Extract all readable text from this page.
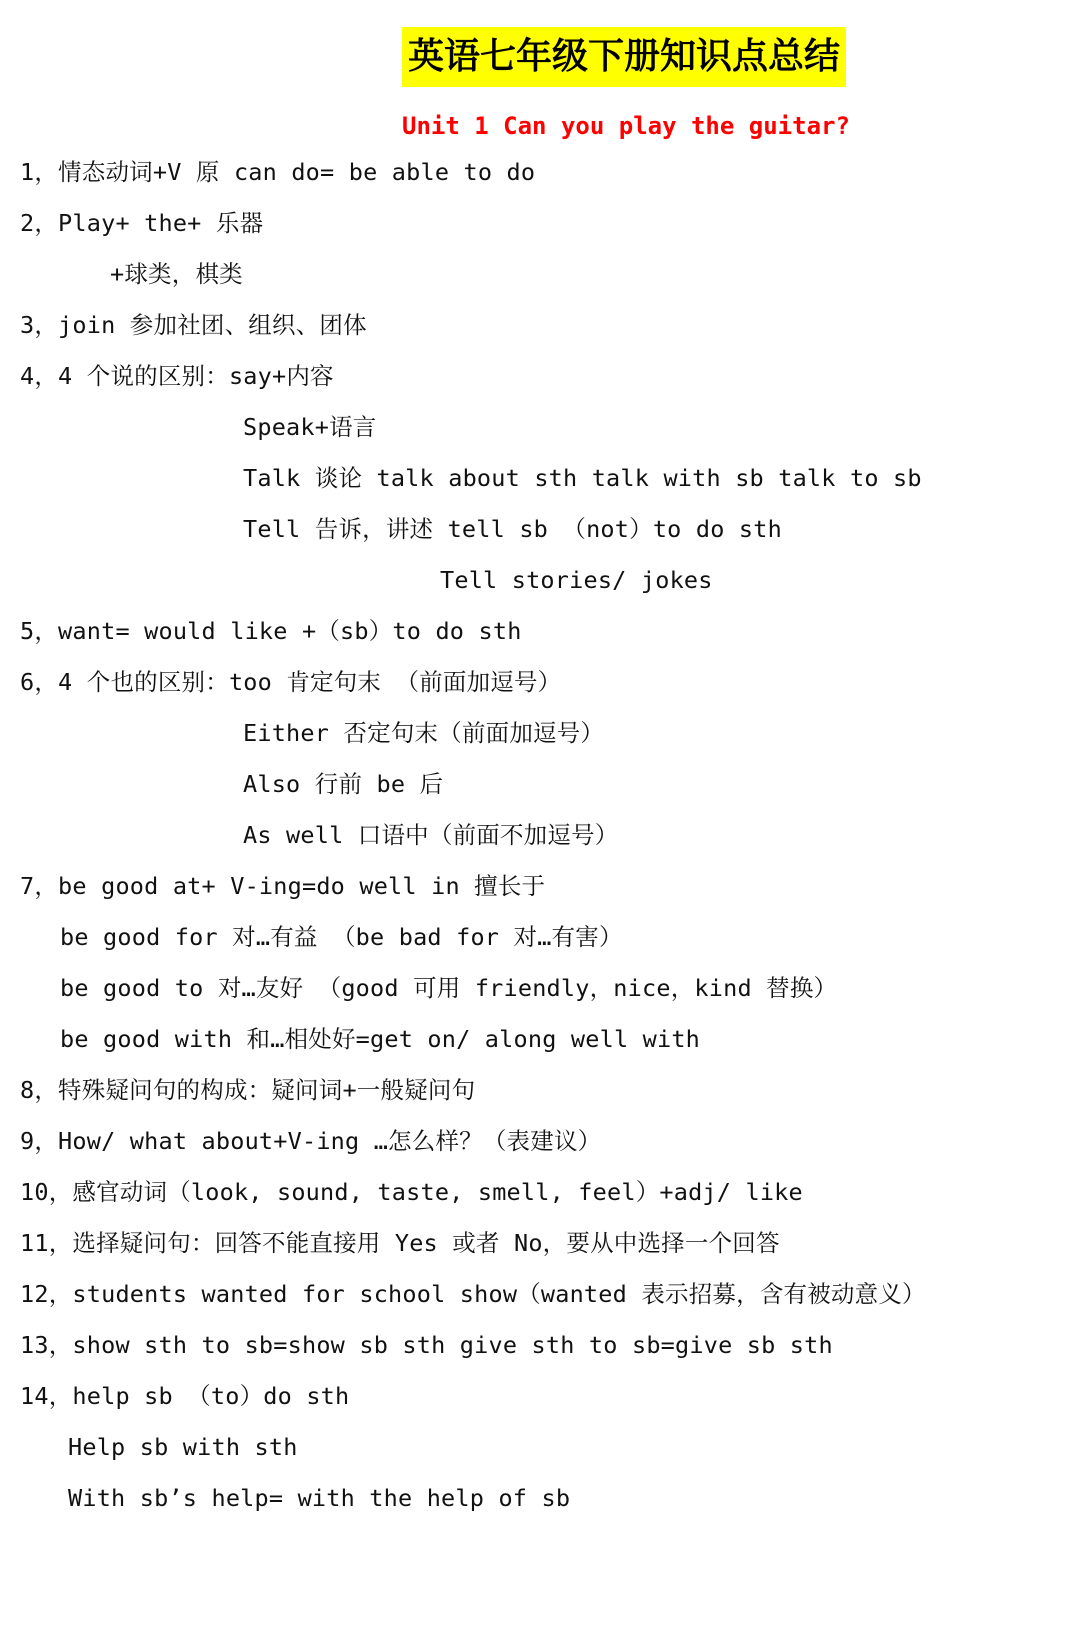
英语七年级下册知识点总结
Unit 1 Can you play the guitar?
1，情态动词+V 原 can do= be able to do
2，Play+ the+ 乐器
+球类，棋类
3，join 参加社团、组织、团体
4，4 个说的区别：say+内容
Speak+语言
Talk 谈论 talk about sth talk with sb talk to sb
Tell 告诉，讲述 tell sb （not）to do sth
Tell stories/ jokes
5，want= would like +（sb）to do sth
6，4 个也的区别：too 肯定句末 （前面加逗号）
Either 否定句末（前面加逗号）
Also 行前 be 后
As well 口语中（前面不加逗号）
7，be good at+ V-ing=do well in 擅长于
be good for 对…有益 （be bad for 对…有害）
be good to 对…友好 （good 可用 friendly，nice，kind 替换）
be good with 和…相处好=get on/ along well with
8，特殊疑问句的构成：疑问词+一般疑问句
9，How/ what about+V-ing …怎么样？（表建议）
10，感官动词（look, sound, taste, smell, feel）+adj/ like
11，选择疑问句：回答不能直接用 Yes 或者 No，要从中选择一个回答
12，students wanted for school show（wanted 表示招募，含有被动意义）
13，show sth to sb=show sb sth give sth to sb=give sb sth
14，help sb （to）do sth
Help sb with sth
With sb’s help= with the help of sb
